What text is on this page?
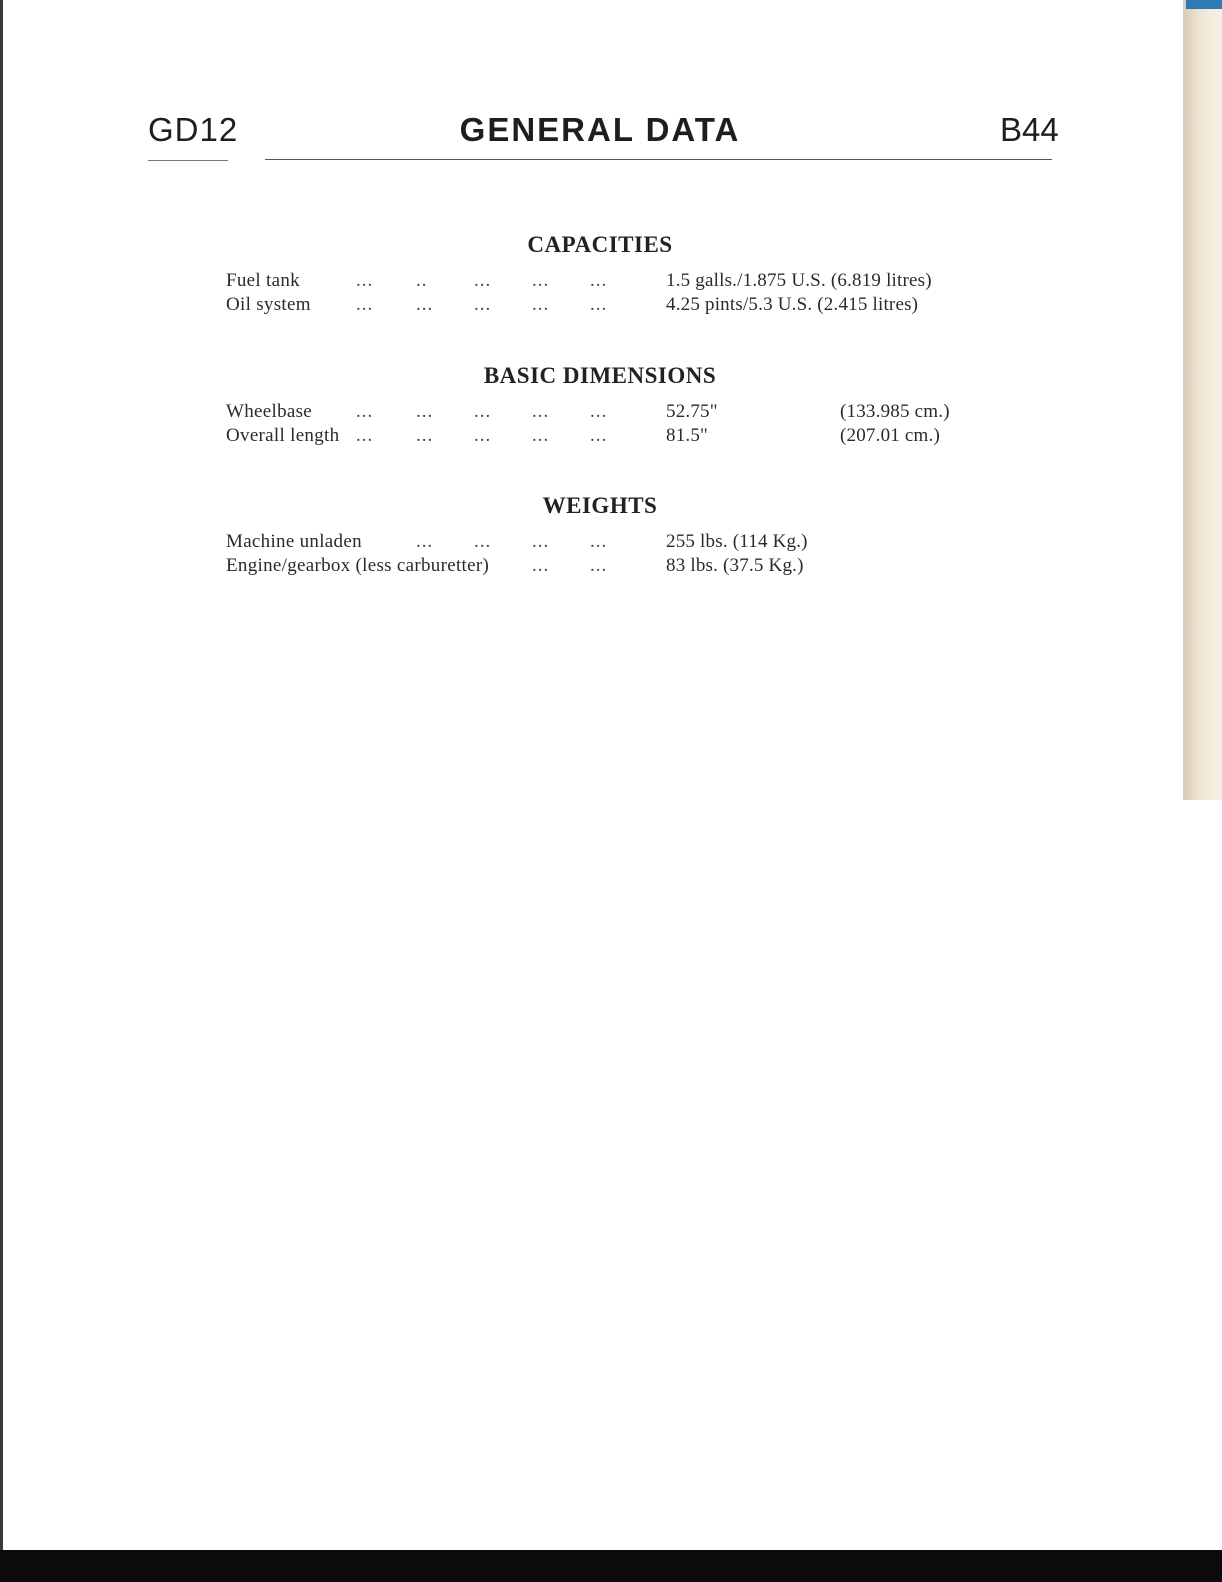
GD12	GENERAL DATA	B44
CAPACITIES
Fuel tank	... .. ... ... ...	1.5 galls./1.875 U.S. (6.819 litres)
Oil system ... ... ... ... ...	4.25 pints/5.3 U.S. (2.415 litres)
BASIC DIMENSIONS
Wheelbase ... ... ... ... ...	52.75"	(133.985 cm.)
Overall length ... ... ... ... ...	81.5"	(207.01 cm.)
WEIGHTS
Machine unladen	... ... ... ...	255 lbs. (114 Kg.)
Engine/gearbox (less carburetter) ... ...	83 lbs. (37.5 Kg.)
